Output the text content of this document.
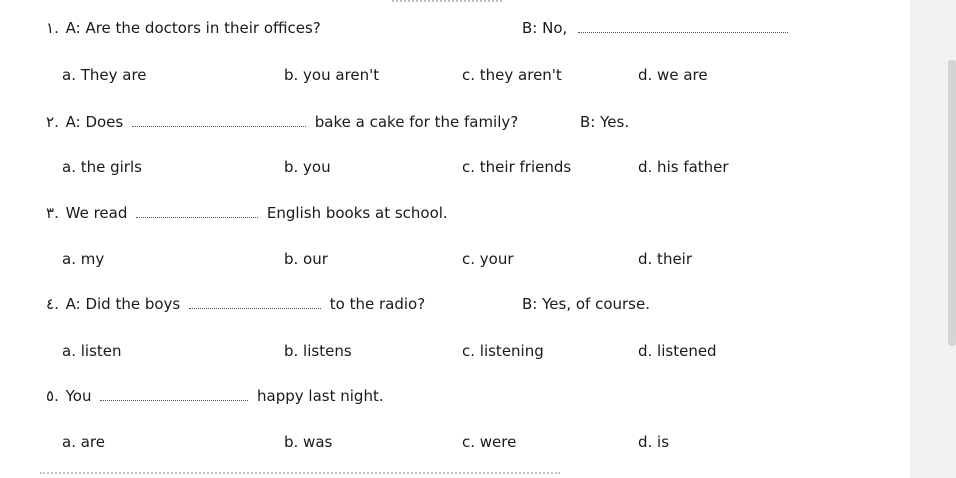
١. A: Are the doctors in their offices?	B: No,
a. They are	b. you aren't	c. they aren't	d. we are
٢. A: Does	bake a cake for the family?	B: Yes.
a. the girls	b. you	c. their friends	d. his father
٣. We read	English books at school.
a. my	b. our	c. your	d. their
٤. A: Did the boys	to the radio?	B: Yes, of course.
a. listen	b. listens	c. listening	d. listened
٥. You	happy last night.
a. are	b. was	c. were	d. is
